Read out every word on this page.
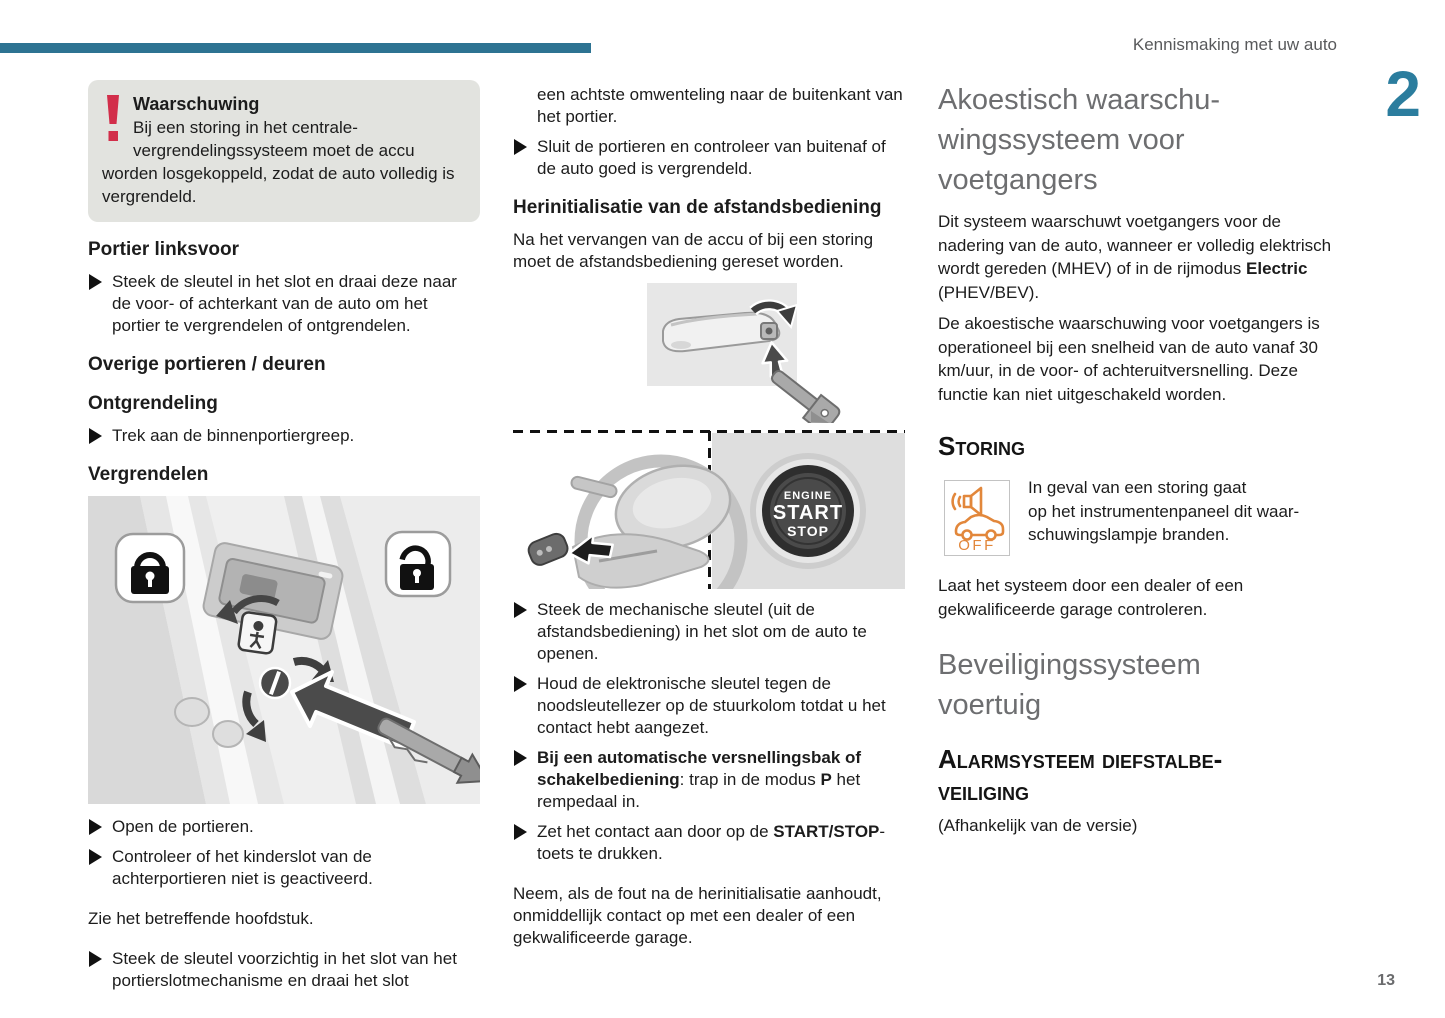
Kennismaking met uw auto
2
13
Waarschuwing
Bij een storing in het centrale-vergrendelingssysteem moet de accu worden losgekoppeld, zodat de auto volledig is vergrendeld.
Portier linksvoor
Steek de sleutel in het slot en draai deze naar de voor- of achterkant van de auto om het portier te vergrendelen of ontgrendelen.
Overige portieren / deuren
Ontgrendeling
Trek aan de binnenportiergreep.
Vergrendelen
Open de portieren.
Controleer of het kinderslot van de achterportieren niet is geactiveerd.
Zie het betreffende hoofdstuk.
Steek de sleutel voorzichtig in het slot van het portierslotmechanisme en draai het slot
een achtste omwenteling naar de buitenkant van het portier.
Sluit de portieren en controleer van buitenaf of de auto goed is vergrendeld.
Herinitialisatie van de afstandsbediening
Na het vervangen van de accu of bij een storing moet de afstandsbediening gereset worden.
ENGINE
START
STOP
Steek de mechanische sleutel (uit de afstandsbediening) in het slot om de auto te openen.
Houd de elektronische sleutel tegen de noodsleutellezer op de stuurkolom totdat u het contact hebt aangezet.
Bij een automatische versnellingsbak of schakelbediening: trap in de modus P het rempedaal in.
Zet het contact aan door op de START/STOP-toets te drukken.
Neem, als de fout na de herinitialisatie aanhoudt, onmiddellijk contact op met een dealer of een gekwalificeerde garage.
Akoestisch waarschu-
wingssysteem voor
voetgangers
Dit systeem waarschuwt voetgangers voor de nadering van de auto, wanneer er volledig elektrisch wordt gereden (MHEV) of in de rijmodus Electric (PHEV/BEV).
De akoestische waarschuwing voor voetgangers is operationeel bij een snelheid van de auto vanaf 30 km/uur, in de voor- of achteruitversnelling. Deze functie kan niet uitgeschakeld worden.
Storing
OFF
In geval van een storing gaat
op het instrumentenpaneel dit waar-
schuwingslampje branden.
Laat het systeem door een dealer of een gekwalificeerde garage controleren.
Beveiligingssysteem
voertuig
Alarmsysteem diefstalbe-
veiliging
(Afhankelijk van de versie)
